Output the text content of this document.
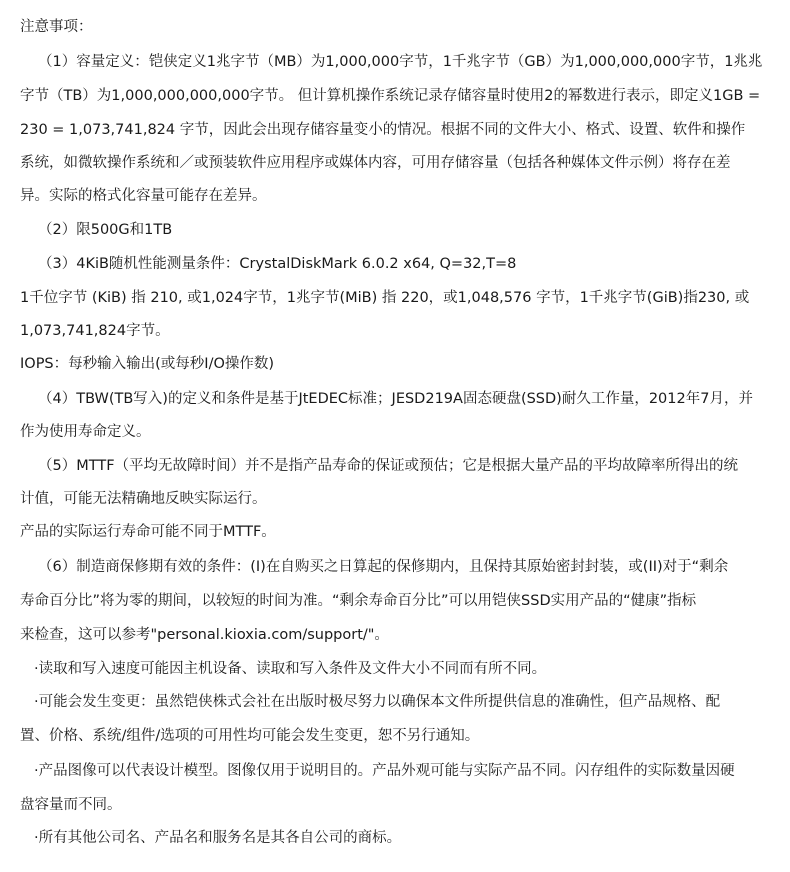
注意事项：
（1）容量定义：铠侠定义1兆字节（MB）为1,000,000字节，1千兆字节（GB）为1,000,000,000字节，1兆兆
字节（TB）为1,000,000,000,000字节。 但计算机操作系统记录存储容量时使用2的幂数进行表示，即定义1GB =
230 = 1,073,741,824 字节，因此会出现存储容量变小的情况。根据不同的文件大小、格式、设置、软件和操作
系统，如微软操作系统和／或预装软件应用程序或媒体内容，可用存储容量（包括各种媒体文件示例）将存在差
异。实际的格式化容量可能存在差异。
（2）限500G和1TB
（3）4KiB随机性能测量条件：CrystalDiskMark 6.0.2 x64, Q=32,T=8
1千位字节 (KiB) 指 210, 或1,024字节，1兆字节(MiB) 指 220，或1,048,576 字节，1千兆字节(GiB)指230, 或
1,073,741,824字节。
IOPS：每秒输入输出(或每秒I/O操作数)
（4）TBW(TB写入)的定义和条件是基于JtEDEC标准；JESD219A固态硬盘(SSD)耐久工作量，2012年7月，并
作为使用寿命定义。
（5）MTTF（平均无故障时间）并不是指产品寿命的保证或预估；它是根据大量产品的平均故障率所得出的统
计值，可能无法精确地反映实际运行。
产品的实际运行寿命可能不同于MTTF。
（6）制造商保修期有效的条件：(I)在自购买之日算起的保修期内，且保持其原始密封封装，或(II)对于“剩余
寿命百分比”将为零的期间，以较短的时间为准。“剩余寿命百分比”可以用铠侠SSD实用产品的“健康”指标
来检查，这可以参考"personal.kioxia.com/support/"。
·读取和写入速度可能因主机设备、读取和写入条件及文件大小不同而有所不同。
·可能会发生变更：虽然铠侠株式会社在出版时极尽努力以确保本文件所提供信息的准确性，但产品规格、配
置、价格、系统/组件/选项的可用性均可能会发生变更，恕不另行通知。
·产品图像可以代表设计模型。图像仅用于说明目的。产品外观可能与实际产品不同。闪存组件的实际数量因硬
盘容量而不同。
·所有其他公司名、产品名和服务名是其各自公司的商标。
